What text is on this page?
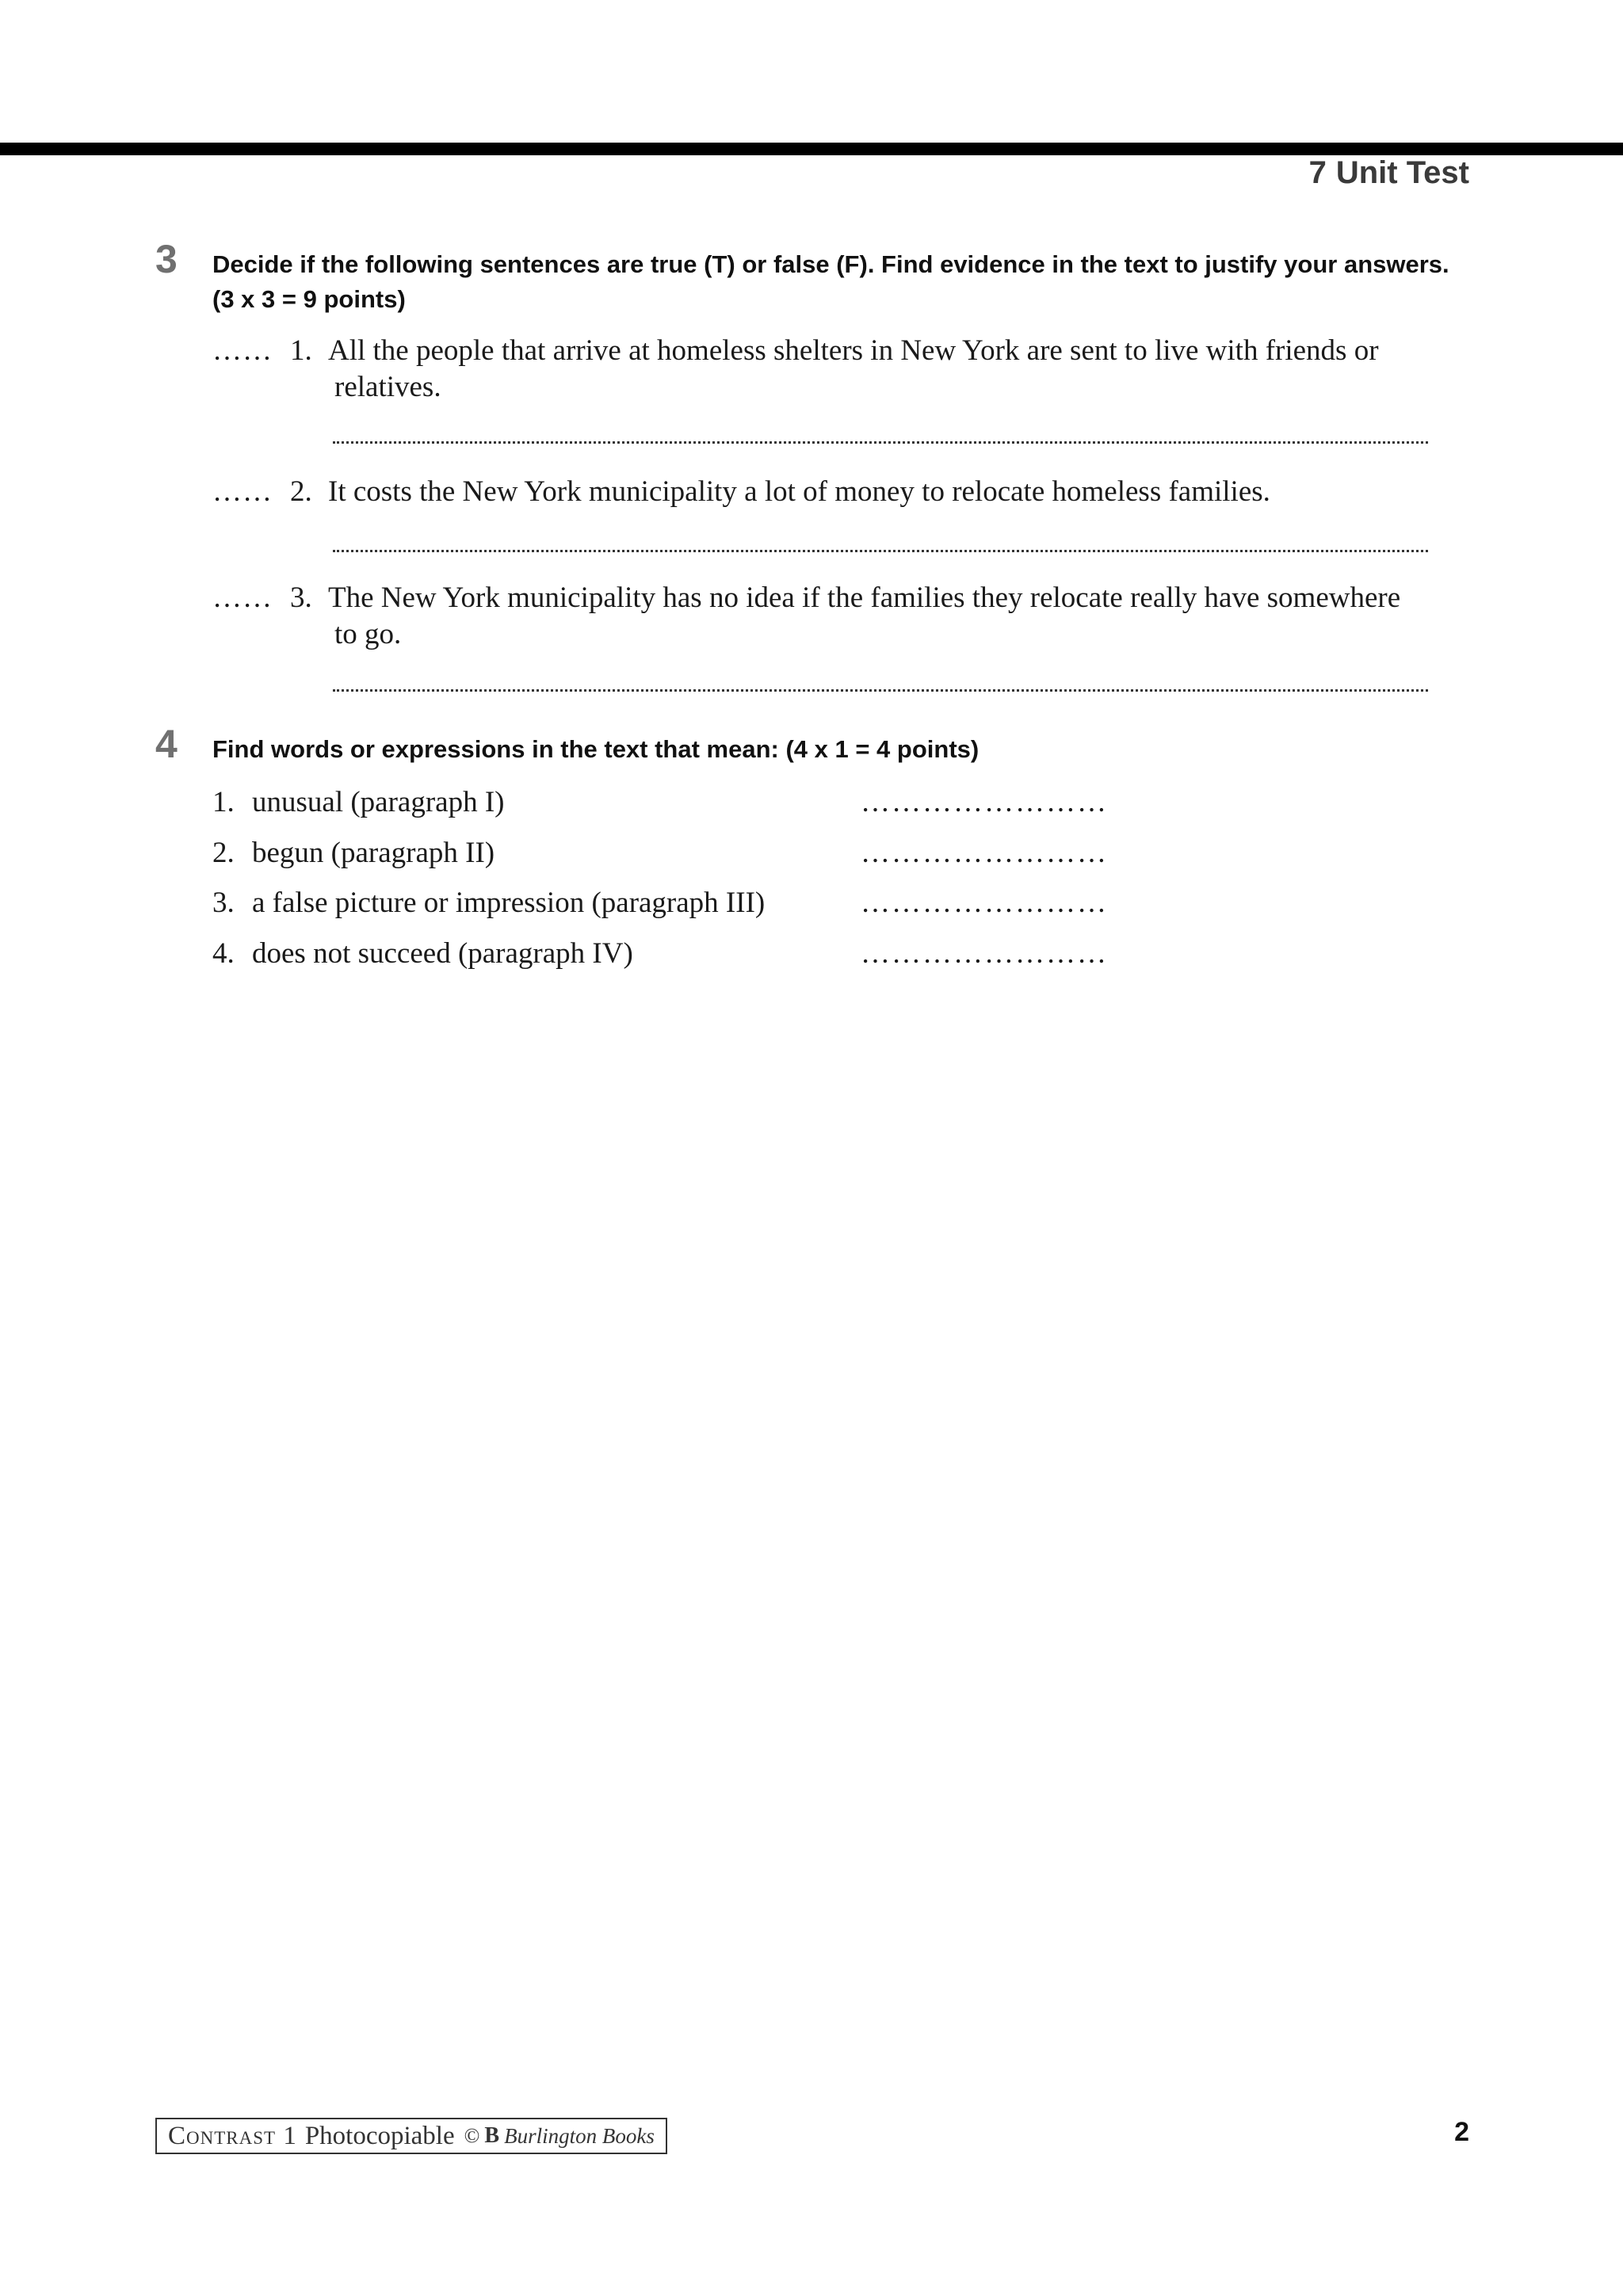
7 Unit Test
3 Decide if the following sentences are true (T) or false (F). Find evidence in the text to justify your answers.
(3 x 3 = 9 points)
…… 1. All the people that arrive at homeless shelters in New York are sent to live with friends or
relatives.
…… 2. It costs the New York municipality a lot of money to relocate homeless families.
…… 3. The New York municipality has no idea if the families they relocate really have somewhere
to go.
4 Find words or expressions in the text that mean: (4 x 1 = 4 points)
1. unusual (paragraph I)	……………………
2. begun (paragraph II)	……………………
3. a false picture or impression (paragraph III)	……………………
4. does not succeed (paragraph IV)	……………………
Contrast 1 Photocopiable © B Burlington Books	2
